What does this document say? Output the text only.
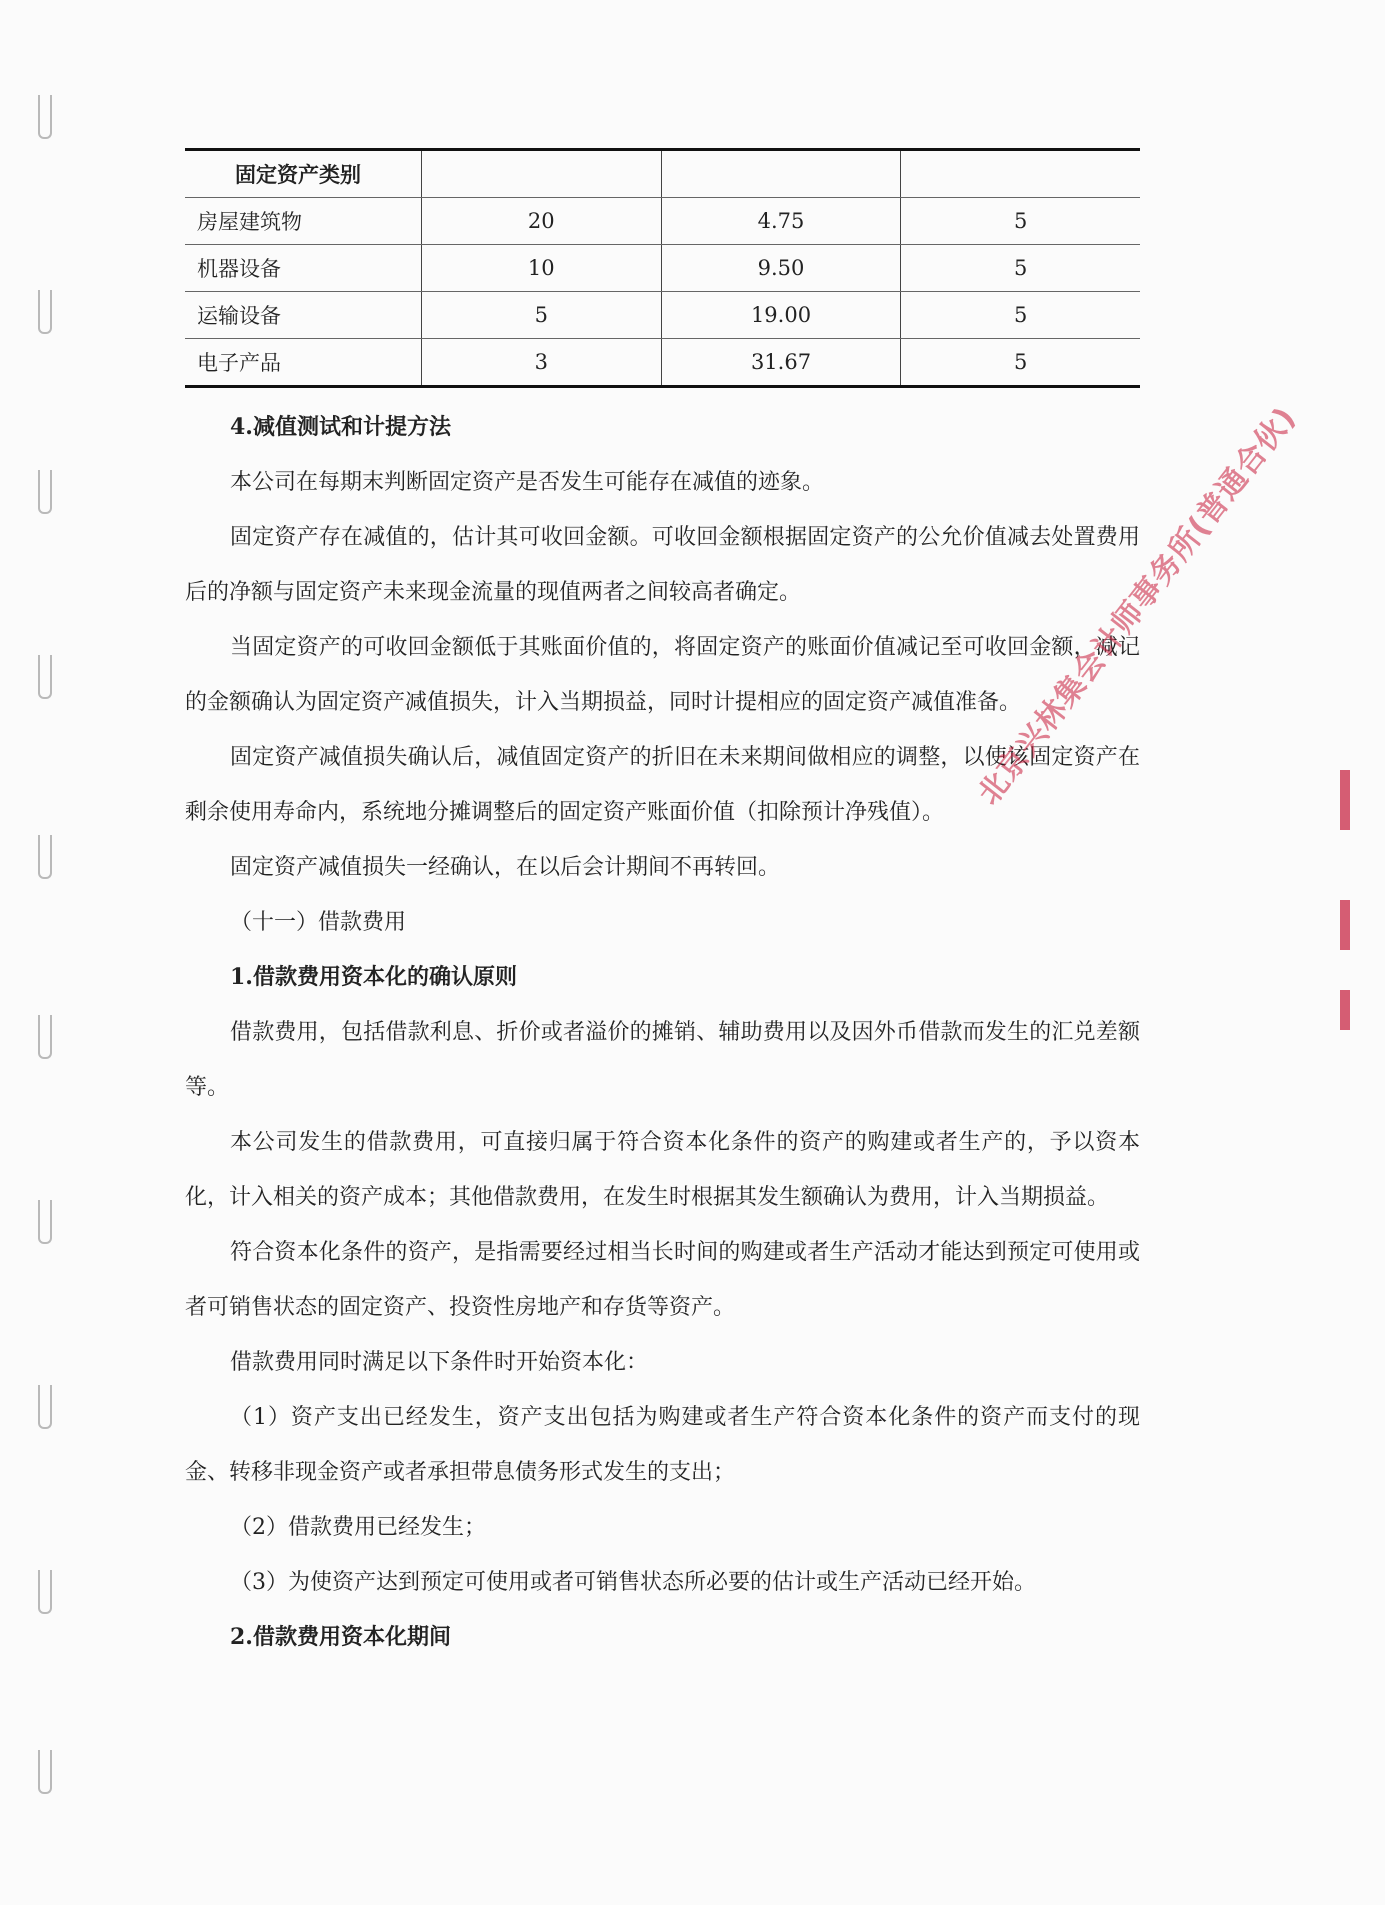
固定资产类别			
房屋建筑物	20	4.75	5
机器设备	10	9.50	5
运输设备	5	19.00	5
电子产品	3	31.67	5

4.减值测试和计提方法

本公司在每期末判断固定资产是否发生可能存在减值的迹象。

固定资产存在减值的，估计其可收回金额。可收回金额根据固定资产的公允价值减去处置费用后的净额与固定资产未来现金流量的现值两者之间较高者确定。

当固定资产的可收回金额低于其账面价值的，将固定资产的账面价值减记至可收回金额，减记的金额确认为固定资产减值损失，计入当期损益，同时计提相应的固定资产减值准备。

固定资产减值损失确认后，减值固定资产的折旧在未来期间做相应的调整，以使该固定资产在剩余使用寿命内，系统地分摊调整后的固定资产账面价值（扣除预计净残值）。

固定资产减值损失一经确认，在以后会计期间不再转回。

（十一）借款费用

1.借款费用资本化的确认原则

借款费用，包括借款利息、折价或者溢价的摊销、辅助费用以及因外币借款而发生的汇兑差额等。

本公司发生的借款费用，可直接归属于符合资本化条件的资产的购建或者生产的，予以资本化，计入相关的资产成本；其他借款费用，在发生时根据其发生额确认为费用，计入当期损益。

符合资本化条件的资产，是指需要经过相当长时间的购建或者生产活动才能达到预定可使用或者可销售状态的固定资产、投资性房地产和存货等资产。

借款费用同时满足以下条件时开始资本化：

（1）资产支出已经发生，资产支出包括为购建或者生产符合资本化条件的资产而支付的现金、转移非现金资产或者承担带息债务形式发生的支出；

（2）借款费用已经发生；

（3）为使资产达到预定可使用或者可销售状态所必要的估计或生产活动已经开始。

2.借款费用资本化期间

北京兴林集会计师事务所(普通合伙)
